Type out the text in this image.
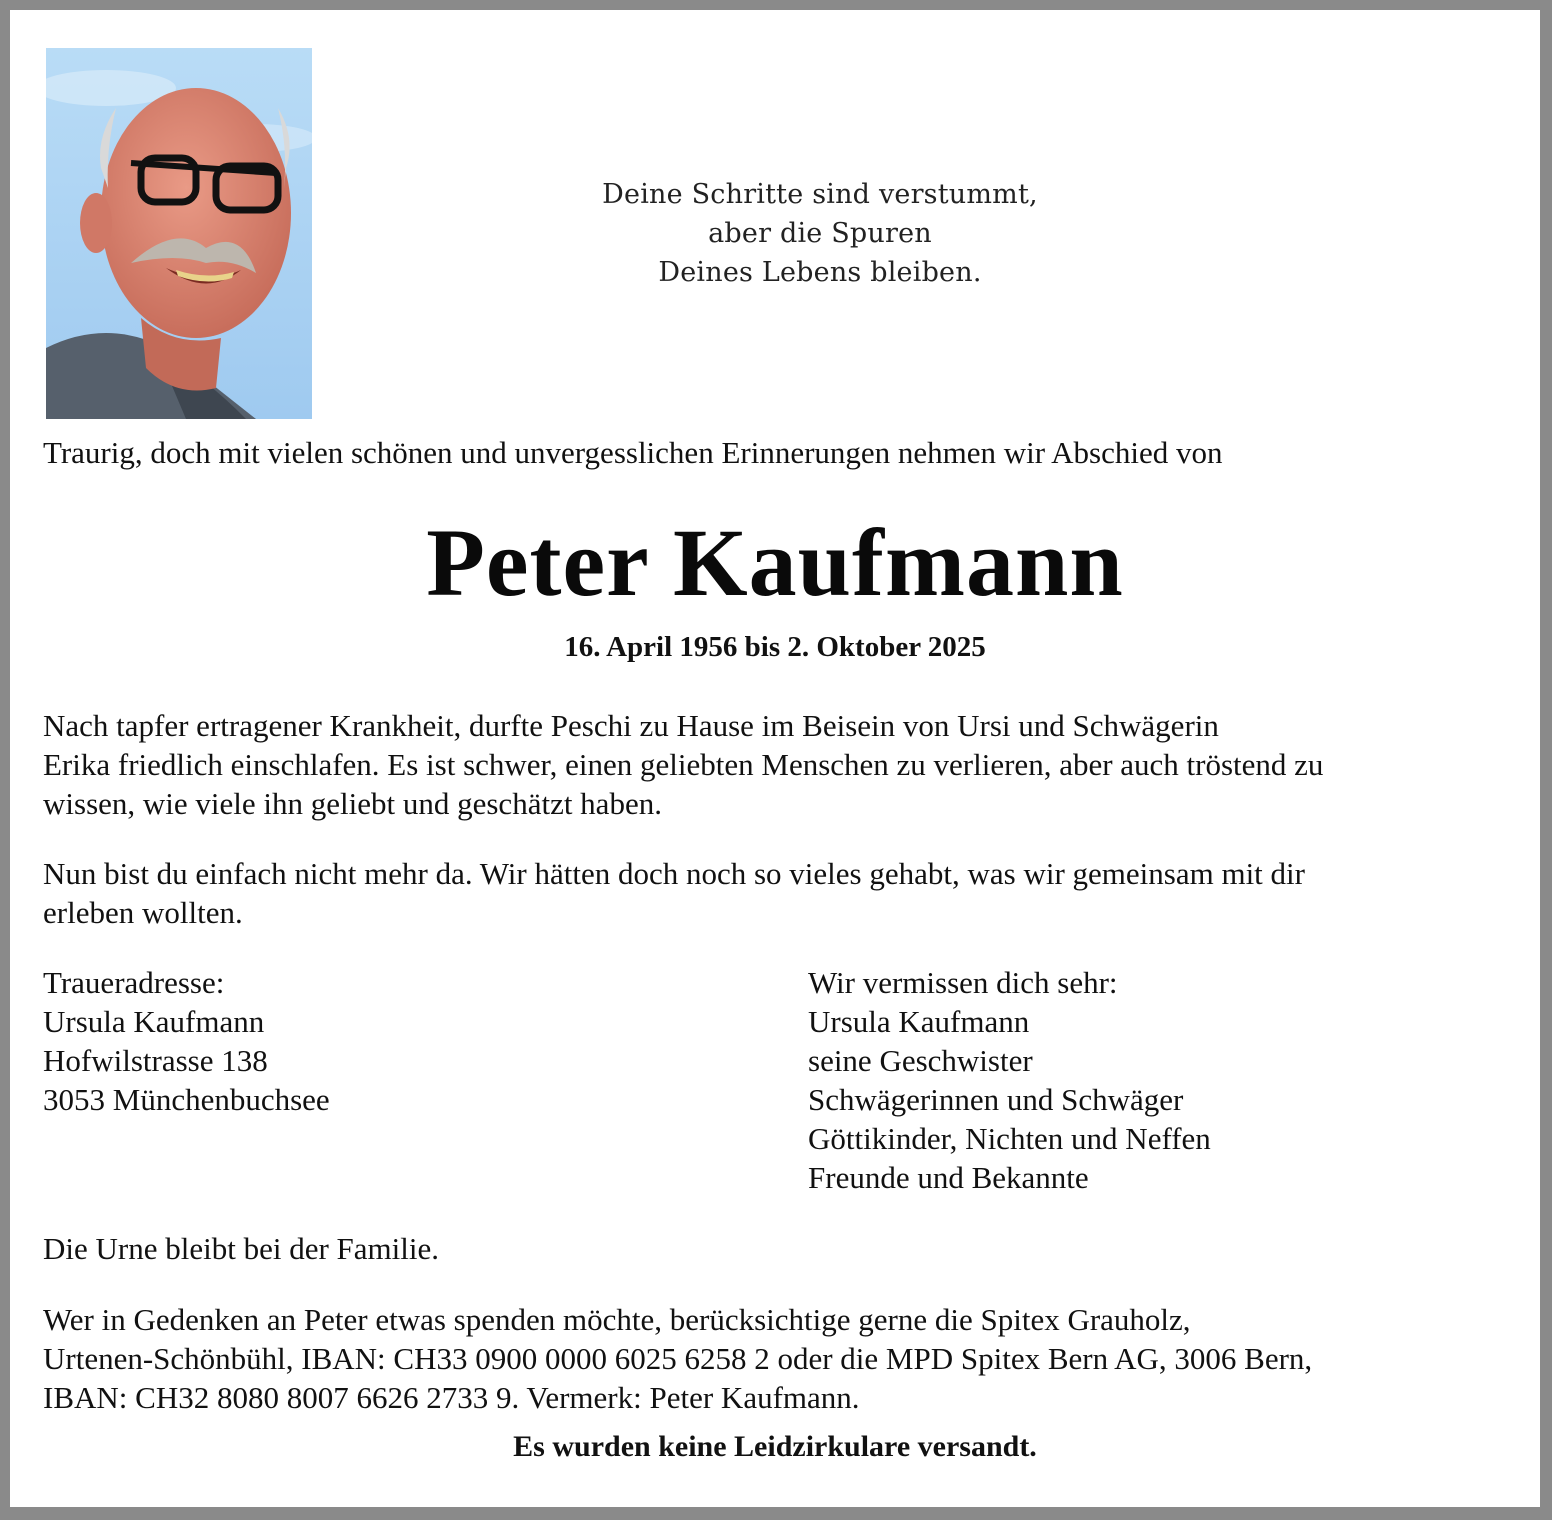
Deine Schritte sind verstummt,
aber die Spuren
Deines Lebens bleiben.
Traurig, doch mit vielen schönen und unvergesslichen Erinnerungen nehmen wir Abschied von
Peter Kaufmann
16. April 1956 bis 2. Oktober 2025
Nach tapfer ertragener Krankheit, durfte Peschi zu Hause im Beisein von Ursi und Schwägerin
Erika friedlich einschlafen. Es ist schwer, einen geliebten Menschen zu verlieren, aber auch tröstend zu
wissen, wie viele ihn geliebt und geschätzt haben.
Nun bist du einfach nicht mehr da. Wir hätten doch noch so vieles gehabt, was wir gemeinsam mit dir
erleben wollten.
Traueradresse:
Ursula Kaufmann
Hofwilstrasse 138
3053 Münchenbuchsee
Wir vermissen dich sehr:
Ursula Kaufmann
seine Geschwister
Schwägerinnen und Schwäger
Göttikinder, Nichten und Neffen
Freunde und Bekannte
Die Urne bleibt bei der Familie.
Wer in Gedenken an Peter etwas spenden möchte, berücksichtige gerne die Spitex Grauholz,
Urtenen-Schönbühl, IBAN: CH33 0900 0000 6025 6258 2 oder die MPD Spitex Bern AG, 3006 Bern,
IBAN: CH32 8080 8007 6626 2733 9. Vermerk: Peter Kaufmann.
Es wurden keine Leidzirkulare versandt.
